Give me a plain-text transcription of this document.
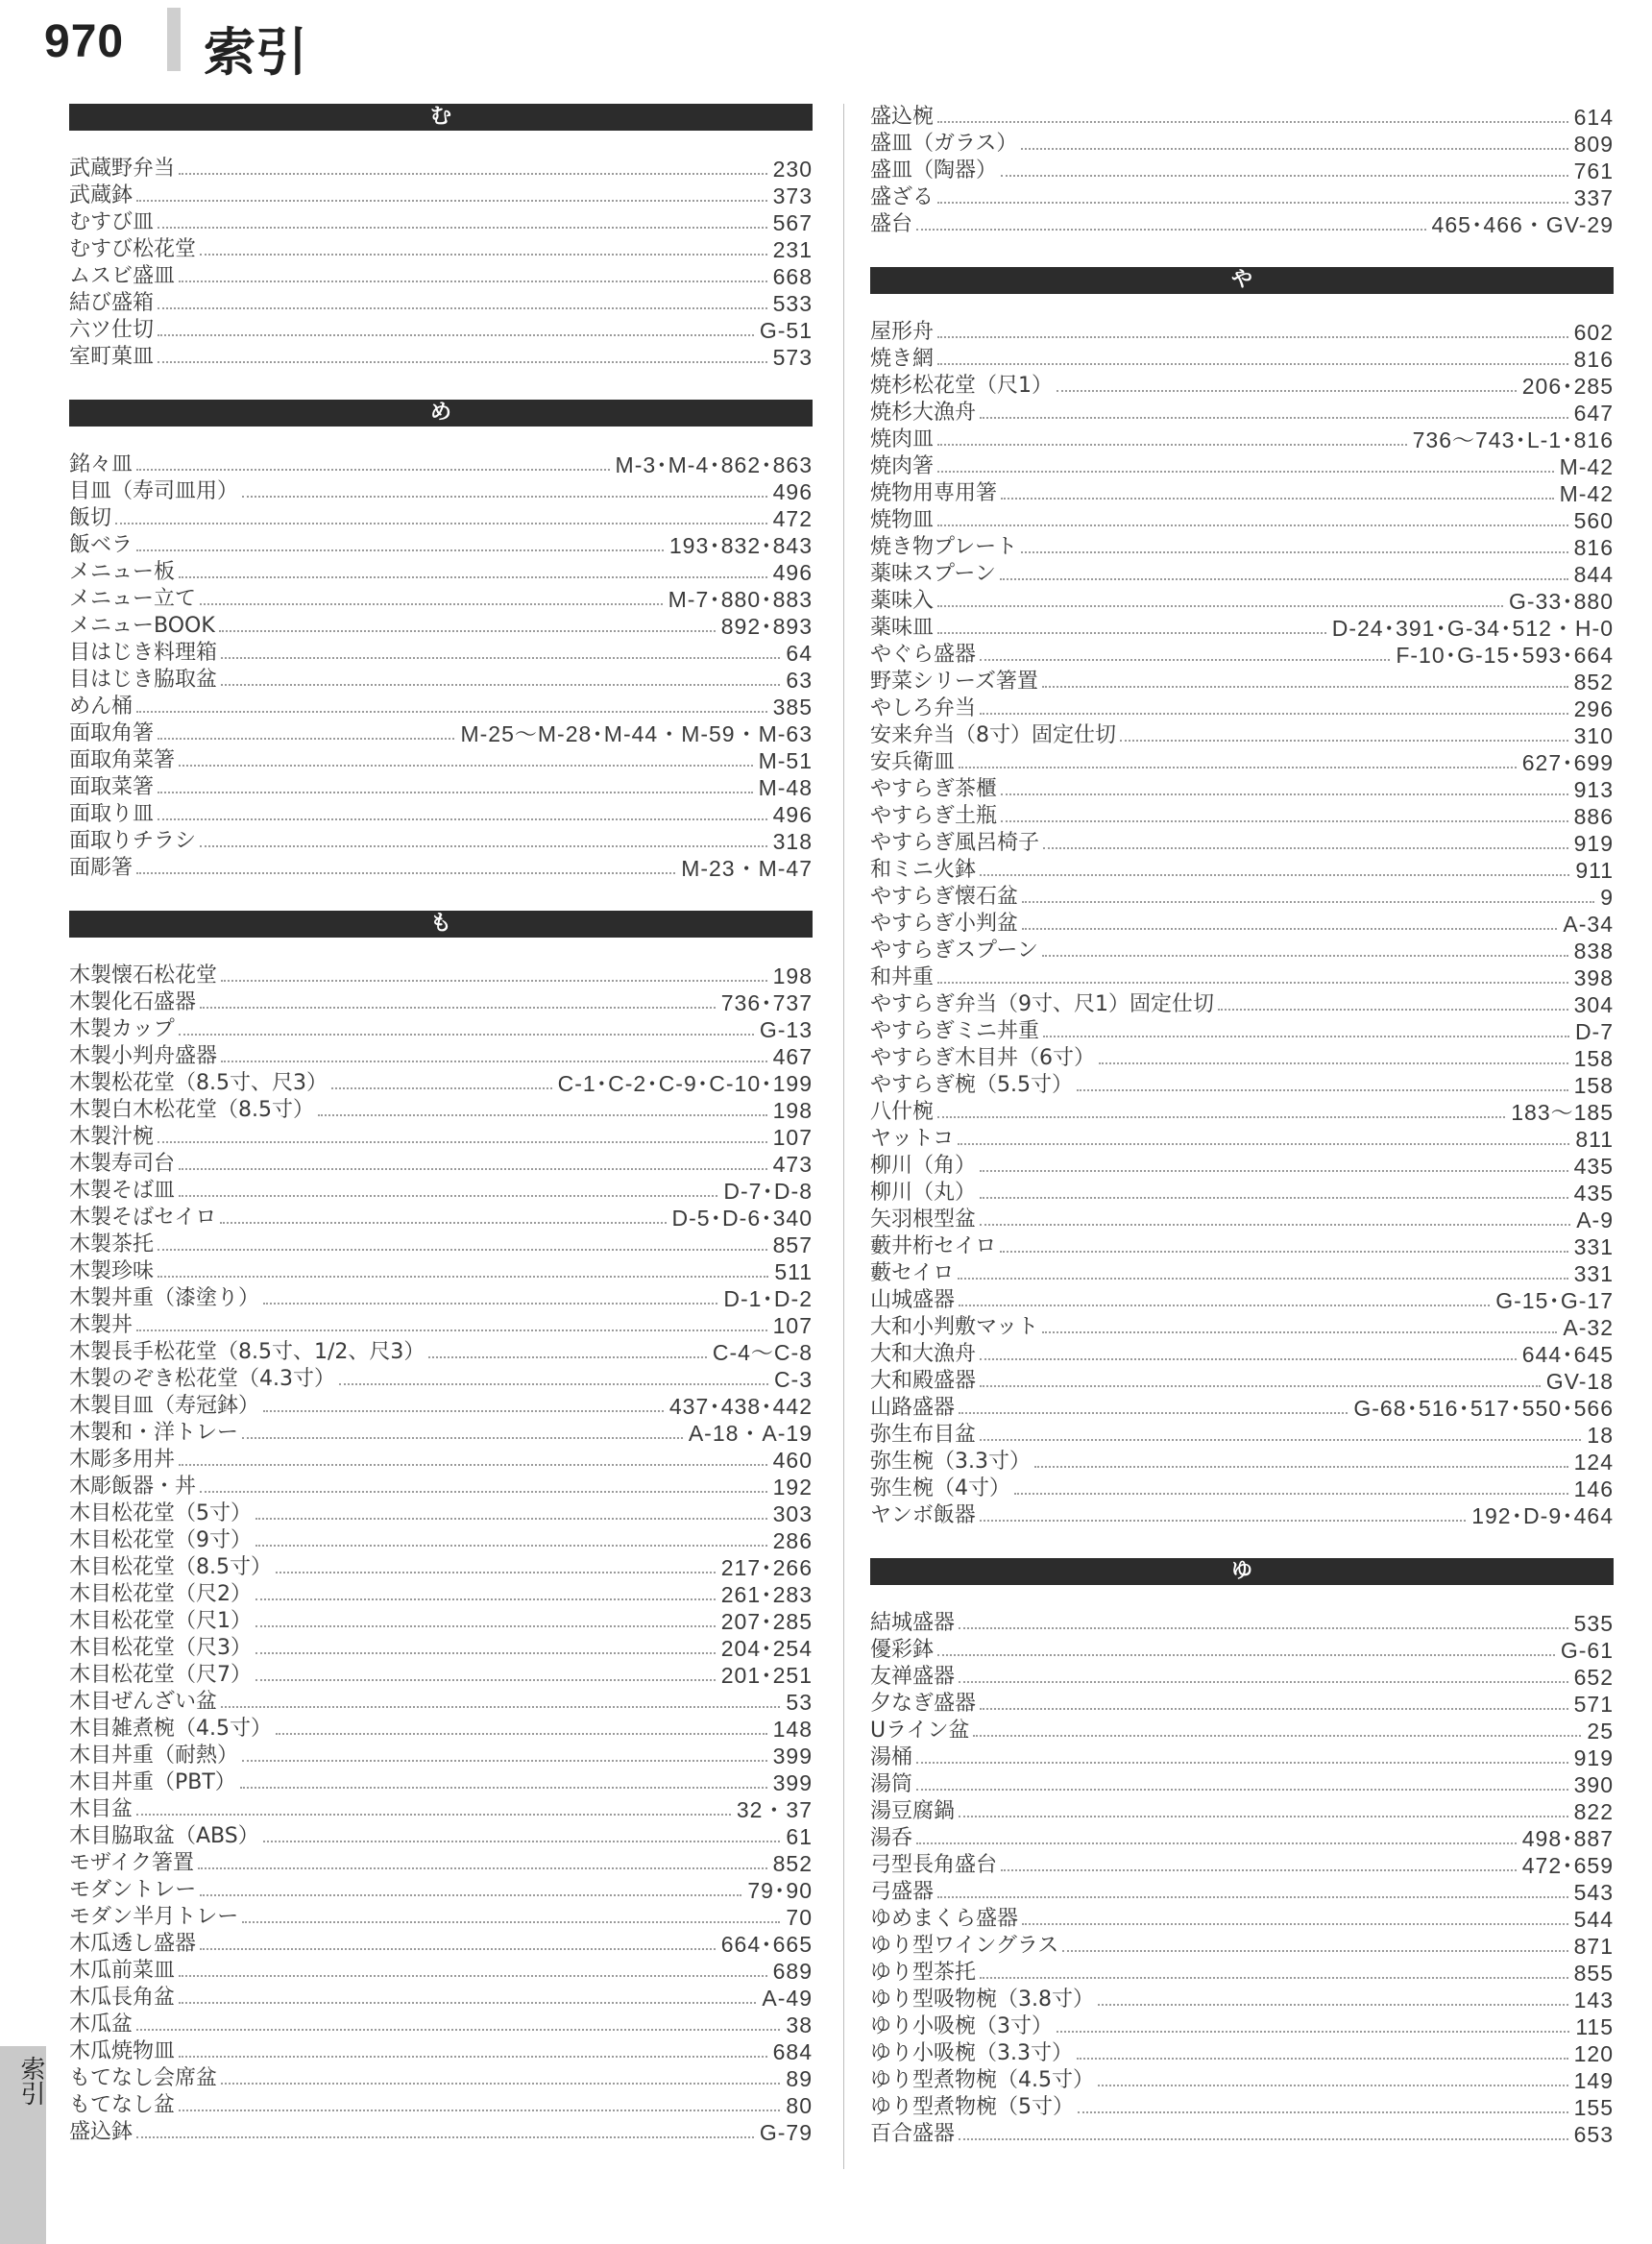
970 索引
む
武蔵野弁当	230
武蔵鉢	373
むすび皿	567
むすび松花堂	231
ムスビ盛皿	668
結び盛箱	533
六ツ仕切	G-51
室町菓皿	573
め
銘々皿	M-3･M-4･862･863
目皿（寿司皿用）	496
飯切	472
飯ベラ	193･832･843
メニュー板	496
メニュー立て	M-7･880･883
メニューBOOK	892･893
目はじき料理箱	64
目はじき脇取盆	63
めん桶	385
面取角箸	M-25～M-28･M-44・M-59・M-63
面取角菜箸	M-51
面取菜箸	M-48
面取り皿	496
面取りチラシ	318
面彫箸	M-23・M-47
も
木製懐石松花堂	198
木製化石盛器	736･737
木製カップ	G-13
木製小判舟盛器	467
木製松花堂（8.5寸、尺3）	C-1･C-2･C-9･C-10･199
木製白木松花堂（8.5寸）	198
木製汁椀	107
木製寿司台	473
木製そば皿	D-7･D-8
木製そばセイロ	D-5･D-6･340
木製茶托	857
木製珍味	511
木製丼重（漆塗り）	D-1･D-2
木製丼	107
木製長手松花堂（8.5寸、1/2、尺3）	C-4～C-8
木製のぞき松花堂（4.3寸）	C-3
木製目皿（寿冠鉢）	437･438･442
木製和・洋トレー	A-18・A-19
木彫多用丼	460
木彫飯器・丼	192
木目松花堂（5寸）	303
木目松花堂（9寸）	286
木目松花堂（8.5寸）	217･266
木目松花堂（尺2）	261･283
木目松花堂（尺1）	207･285
木目松花堂（尺3）	204･254
木目松花堂（尺7）	201･251
木目ぜんざい盆	53
木目雑煮椀（4.5寸）	148
木目丼重（耐熱）	399
木目丼重（PBT）	399
木目盆	32・37
木目脇取盆（ABS）	61
モザイク箸置	852
モダントレー	79･90
モダン半月トレー	70
木瓜透し盛器	664･665
木瓜前菜皿	689
木瓜長角盆	A-49
木瓜盆	38
木瓜焼物皿	684
もてなし会席盆	89
もてなし盆	80
盛込鉢	G-79
盛込椀	614
盛皿（ガラス）	809
盛皿（陶器）	761
盛ざる	337
盛台	465･466・GV-29
や
屋形舟	602
焼き網	816
焼杉松花堂（尺1）	206･285
焼杉大漁舟	647
焼肉皿	736～743･L-1･816
焼肉箸	M-42
焼物用専用箸	M-42
焼物皿	560
焼き物プレート	816
薬味スプーン	844
薬味入	G-33･880
薬味皿	D-24･391･G-34･512・H-0
やぐら盛器	F-10･G-15･593･664
野菜シリーズ箸置	852
やしろ弁当	296
安来弁当（8寸）固定仕切	310
安兵衛皿	627･699
やすらぎ茶櫃	913
やすらぎ土瓶	886
やすらぎ風呂椅子	919
和ミニ火鉢	911
やすらぎ懐石盆	9
やすらぎ小判盆	A-34
やすらぎスプーン	838
和丼重	398
やすらぎ弁当（9寸、尺1）固定仕切	304
やすらぎミニ丼重	D-7
やすらぎ木目丼（6寸）	158
やすらぎ椀（5.5寸）	158
八什椀	183～185
ヤットコ	811
柳川（角）	435
柳川（丸）	435
矢羽根型盆	A-9
藪井桁セイロ	331
藪セイロ	331
山城盛器	G-15･G-17
大和小判敷マット	A-32
大和大漁舟	644･645
大和殿盛器	GV-18
山路盛器	G-68･516･517･550･566
弥生布目盆	18
弥生椀（3.3寸）	124
弥生椀（4寸）	146
ヤンボ飯器	192･D-9･464
ゆ
結城盛器	535
優彩鉢	G-61
友禅盛器	652
夕なぎ盛器	571
Uライン盆	25
湯桶	919
湯筒	390
湯豆腐鍋	822
湯呑	498･887
弓型長角盛台	472･659
弓盛器	543
ゆめまくら盛器	544
ゆり型ワイングラス	871
ゆり型茶托	855
ゆり型吸物椀（3.8寸）	143
ゆり小吸椀（3寸）	115
ゆり小吸椀（3.3寸）	120
ゆり型煮物椀（4.5寸）	149
ゆり型煮物椀（5寸）	155
百合盛器	653
索引
